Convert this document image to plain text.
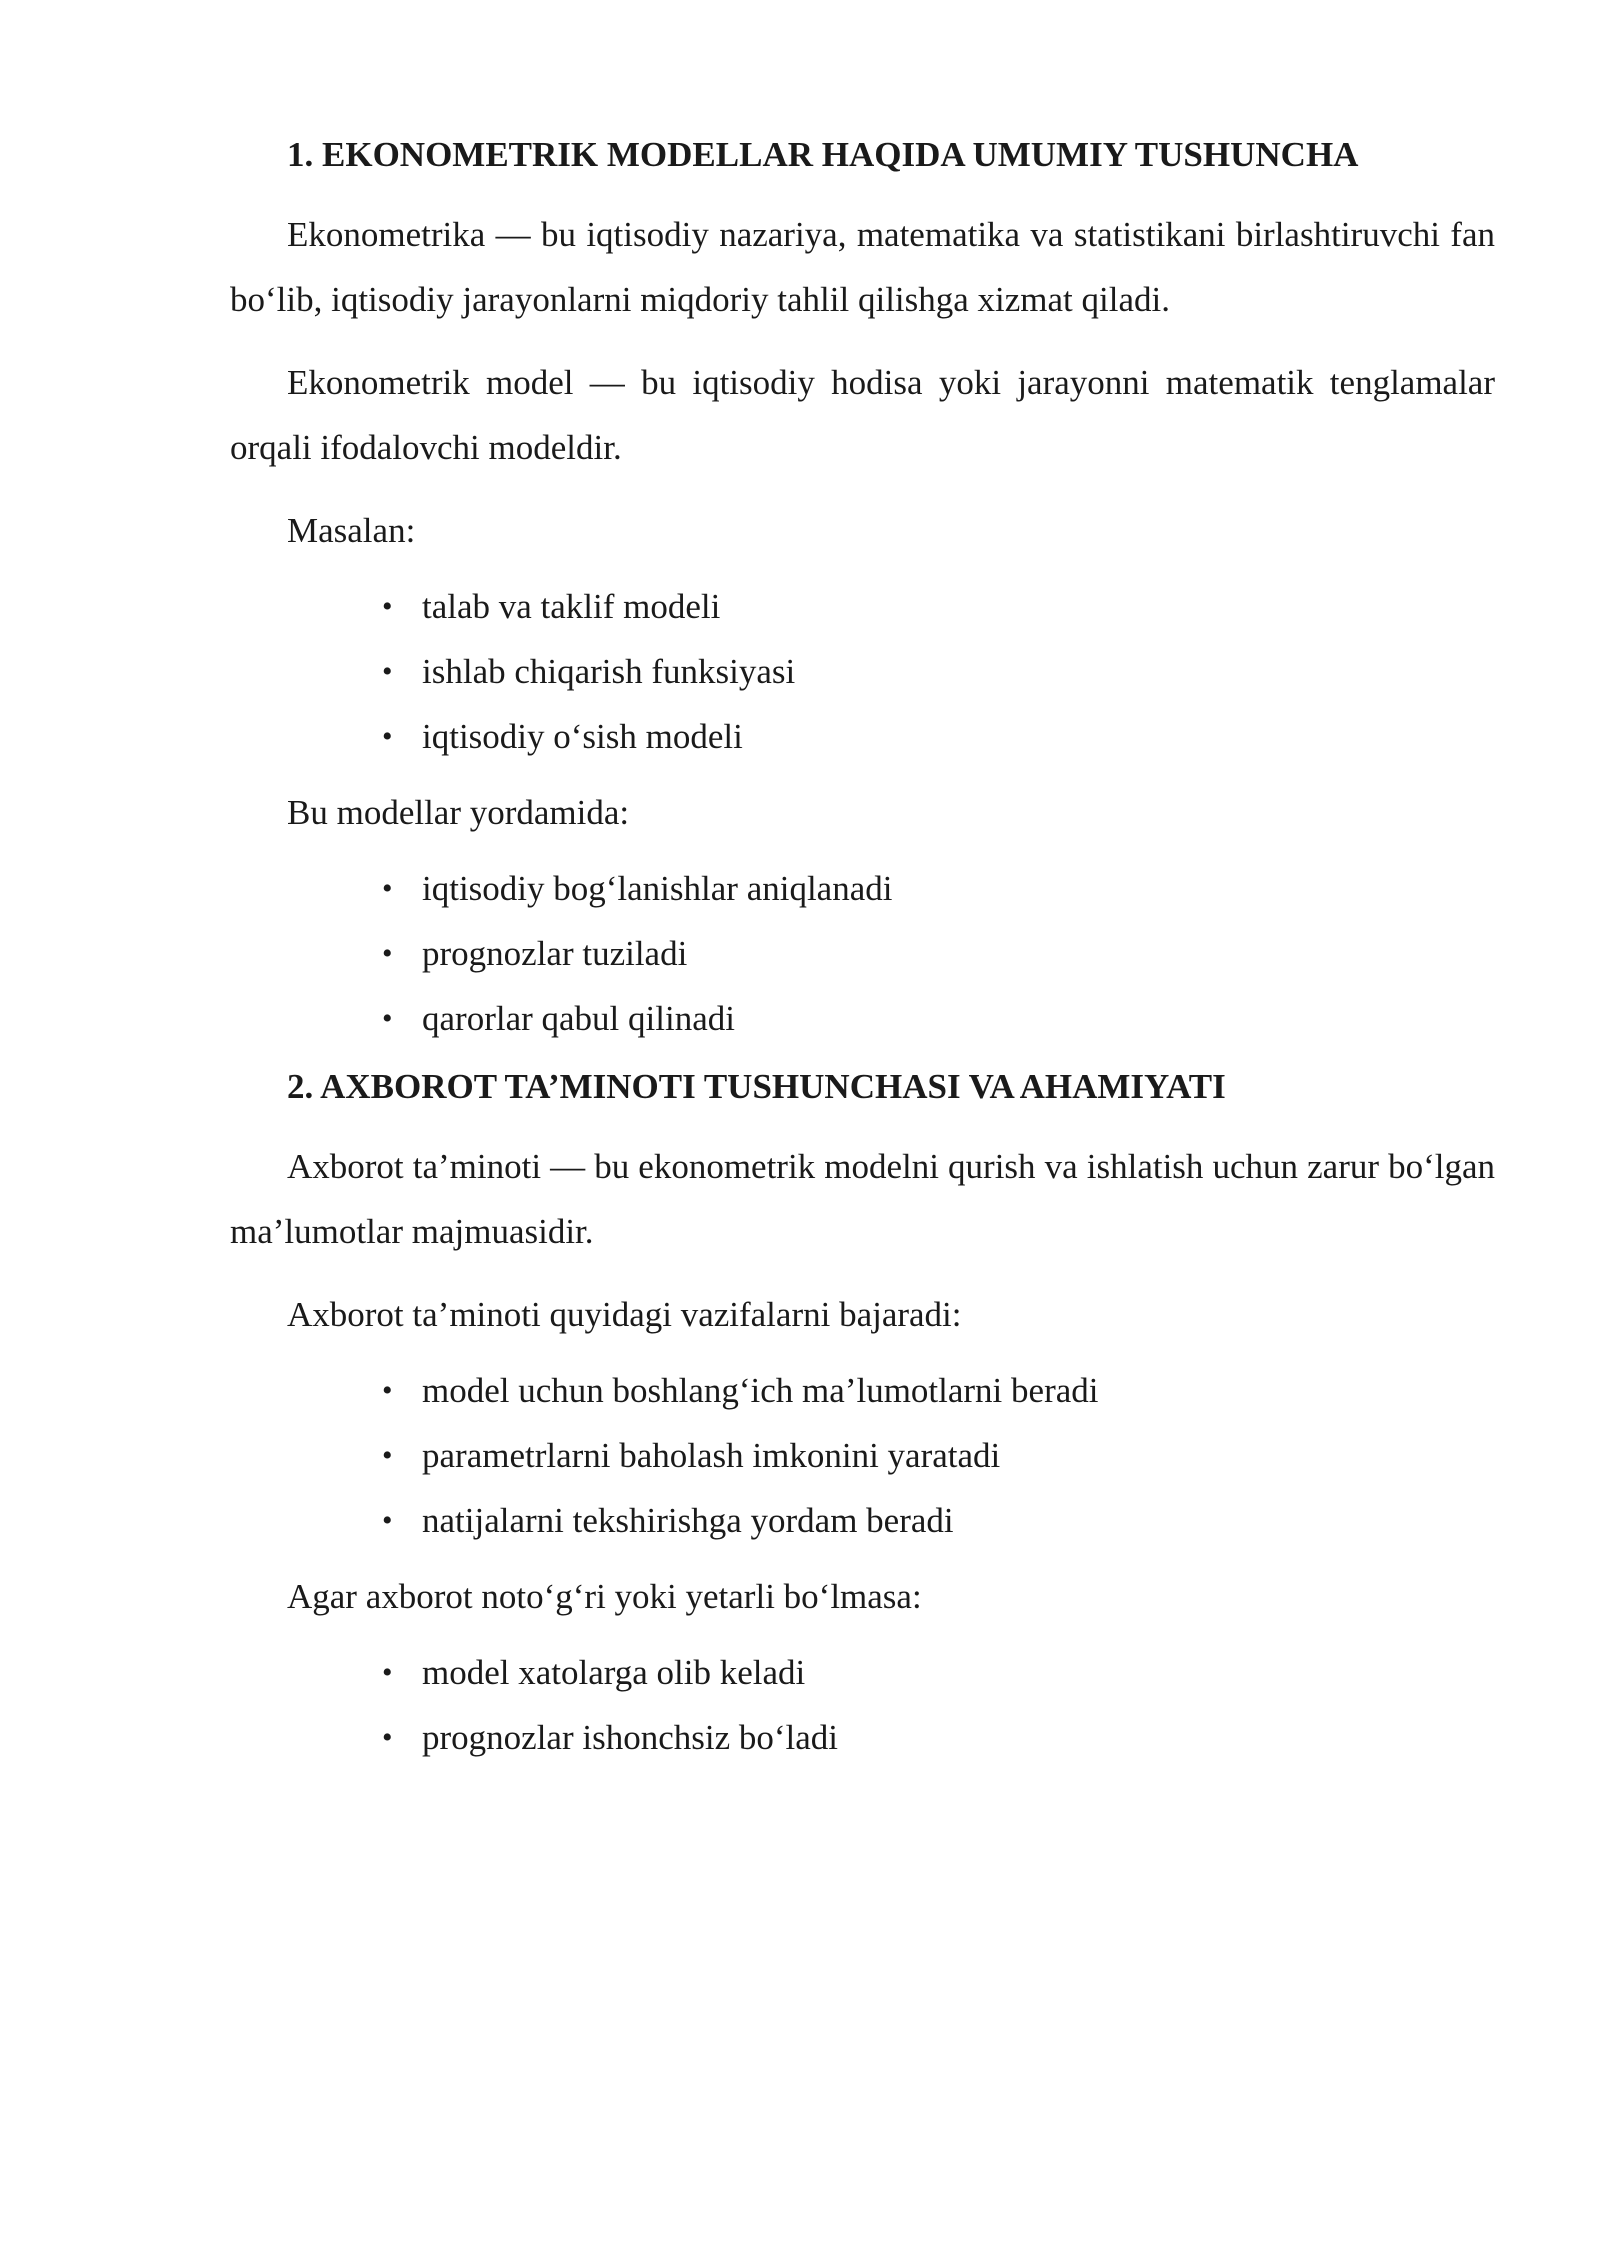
1. EKONOMETRIK MODELLAR HAQIDA UMUMIY TUSHUNCHA

Ekonometrika — bu iqtisodiy nazariya, matematika va statistikani birlashtiruvchi fan bo‘lib, iqtisodiy jarayonlarni miqdoriy tahlil qilishga xizmat qiladi.

Ekonometrik model — bu iqtisodiy hodisa yoki jarayonni matematik tenglamalar orqali ifodalovchi modeldir.

Masalan:

• talab va taklif modeli
• ishlab chiqarish funksiyasi
• iqtisodiy o‘sish modeli

Bu modellar yordamida:

• iqtisodiy bog‘lanishlar aniqlanadi
• prognozlar tuziladi
• qarorlar qabul qilinadi
2. AXBOROT TA’MINOTI TUSHUNCHASI VA AHAMIYATI

Axborot ta’minoti — bu ekonometrik modelni qurish va ishlatish uchun zarur bo‘lgan ma’lumotlar majmuasidir.

Axborot ta’minoti quyidagi vazifalarni bajaradi:

• model uchun boshlang‘ich ma’lumotlarni beradi
• parametrlarni baholash imkonini yaratadi
• natijalarni tekshirishga yordam beradi

Agar axborot noto‘g‘ri yoki yetarli bo‘lmasa:

• model xatolarga olib keladi
• prognozlar ishonchsiz bo‘ladi
